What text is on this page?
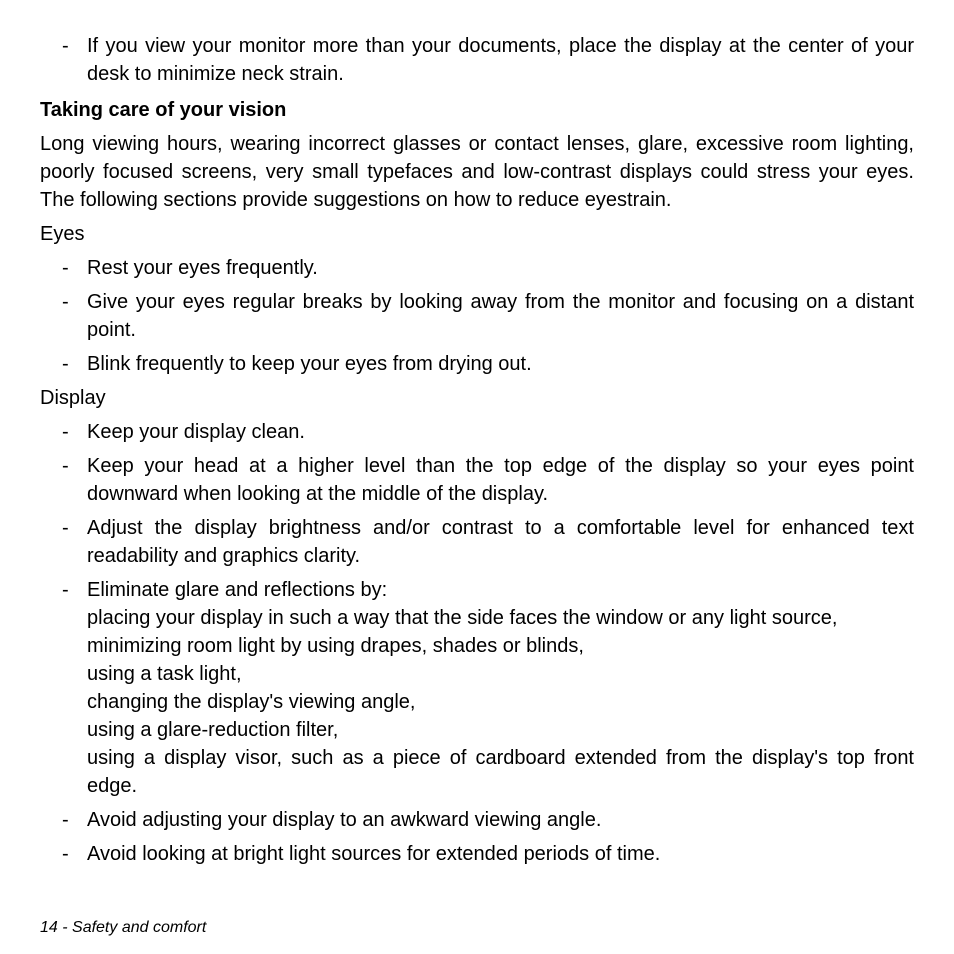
- If you view your monitor more than your documents, place the display at the center of your desk to minimize neck strain.
Taking care of your vision
Long viewing hours, wearing incorrect glasses or contact lenses, glare, excessive room lighting, poorly focused screens, very small typefaces and low-contrast displays could stress your eyes. The following sections provide suggestions on how to reduce eyestrain.
Eyes
- Rest your eyes frequently.
- Give your eyes regular breaks by looking away from the monitor and focusing on a distant point.
- Blink frequently to keep your eyes from drying out.
Display
- Keep your display clean.
- Keep your head at a higher level than the top edge of the display so your eyes point downward when looking at the middle of the display.
- Adjust the display brightness and/or contrast to a comfortable level for enhanced text readability and graphics clarity.
- Eliminate glare and reflections by:
placing your display in such a way that the side faces the window or any light source,
minimizing room light by using drapes, shades or blinds,
using a task light,
changing the display's viewing angle,
using a glare-reduction filter,
using a display visor, such as a piece of cardboard extended from the display's top front edge.
- Avoid adjusting your display to an awkward viewing angle.
- Avoid looking at bright light sources for extended periods of time.
14 - Safety and comfort
